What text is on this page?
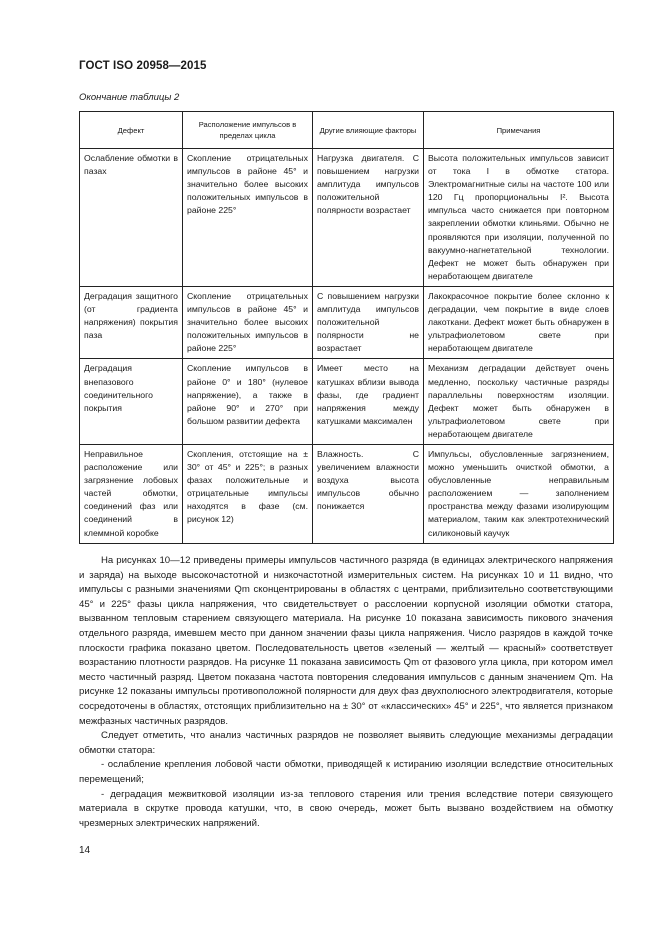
ГОСТ ISO 20958—2015
Окончание таблицы 2
Дефект	Расположение импульсов в пределах цикла	Другие влияющие факторы	Примечания
Ослабление обмотки в пазах	Скопление отрицательных импульсов в районе 45° и значительно более высоких положительных импульсов в районе 225°	Нагрузка двигателя. С повышением нагрузки амплитуда импульсов положительной полярности возрастает	Высота положительных импульсов зависит от тока I в обмотке статора. Электромагнитные силы на частоте 100 или 120 Гц пропорциональны I². Высота импульса часто снижается при повторном закреплении обмотки клиньями. Обычно не проявляются при изоляции, полученной по вакуумно-нагнетательной технологии. Дефект не может быть обнаружен при неработающем двигателе
Деградация защитного (от градиента напряжения) покрытия паза	Скопление отрицательных импульсов в районе 45° и значительно более высоких положительных импульсов в районе 225°	С повышением нагрузки амплитуда импульсов положительной полярности не возрастает	Лакокрасочное покрытие более склонно к деградации, чем покрытие в виде слоев лакоткани. Дефект может быть обнаружен в ультрафиолетовом свете при неработающем двигателе
Деградация внепазового соединительного покрытия	Скопление импульсов в районе 0° и 180° (нулевое напряжение), а также в районе 90° и 270° при большом развитии дефекта	Имеет место на катушках вблизи вывода фазы, где градиент напряжения между катушками максимален	Механизм деградации действует очень медленно, поскольку частичные разряды параллельны поверхностям изоляции. Дефект может быть обнаружен в ультрафиолетовом свете при неработающем двигателе
Неправильное расположение или загрязнение лобовых частей обмотки, соединений фаз или соединений в клеммной коробке	Скопления, отстоящие на ± 30° от 45° и 225°; в разных фазах положительные и отрицательные импульсы находятся в фазе (см. рисунок 12)	Влажность. С увеличением влажности воздуха высота импульсов обычно понижается	Импульсы, обусловленные загрязнением, можно уменьшить очисткой обмотки, а обусловленные неправильным расположением — заполнением пространства между фазами изолирующим материалом, таким как электротехнический силиконовый каучук

На рисунках 10—12 приведены примеры импульсов частичного разряда (в единицах электрического напряжения и заряда) на выходе высокочастотной и низкочастотной измерительных систем. На рисунках 10 и 11 видно, что импульсы с разными значениями Qm сконцентрированы в областях с центрами, приблизительно соответствующими 45° и 225° фазы цикла напряжения, что свидетельствует о расслоении корпусной изоляции обмотки статора, вызванном тепловым старением связующего материала. На рисунке 10 показана зависимость пикового значения отдельного разряда, имевшем место при данном значении фазы цикла напряжения. Число разрядов в каждой точке плоскости графика показано цветом. Последовательность цветов «зеленый — желтый — красный» соответствует возрастанию плотности разрядов. На рисунке 11 показана зависимость Qm от фазового угла цикла, при котором имел место частичный разряд. Цветом показана частота повторения следования импульсов с данным значением Qm. На рисунке 12 показаны импульсы противоположной полярности для двух фаз двухполюсного электродвигателя, которые сосредоточены в областях, отстоящих приблизительно на ± 30° от «классических» 45° и 225°, что является признаком межфазных частичных разрядов.

Следует отметить, что анализ частичных разрядов не позволяет выявить следующие механизмы деградации обмотки статора:

- ослабление крепления лобовой части обмотки, приводящей к истиранию изоляции вследствие относительных перемещений;

- деградация межвитковой изоляции из-за теплового старения или трения вследствие потери связующего материала в скрутке провода катушки, что, в свою очередь, может быть вызвано воздействием на обмотку чрезмерных электрических напряжений.

14
